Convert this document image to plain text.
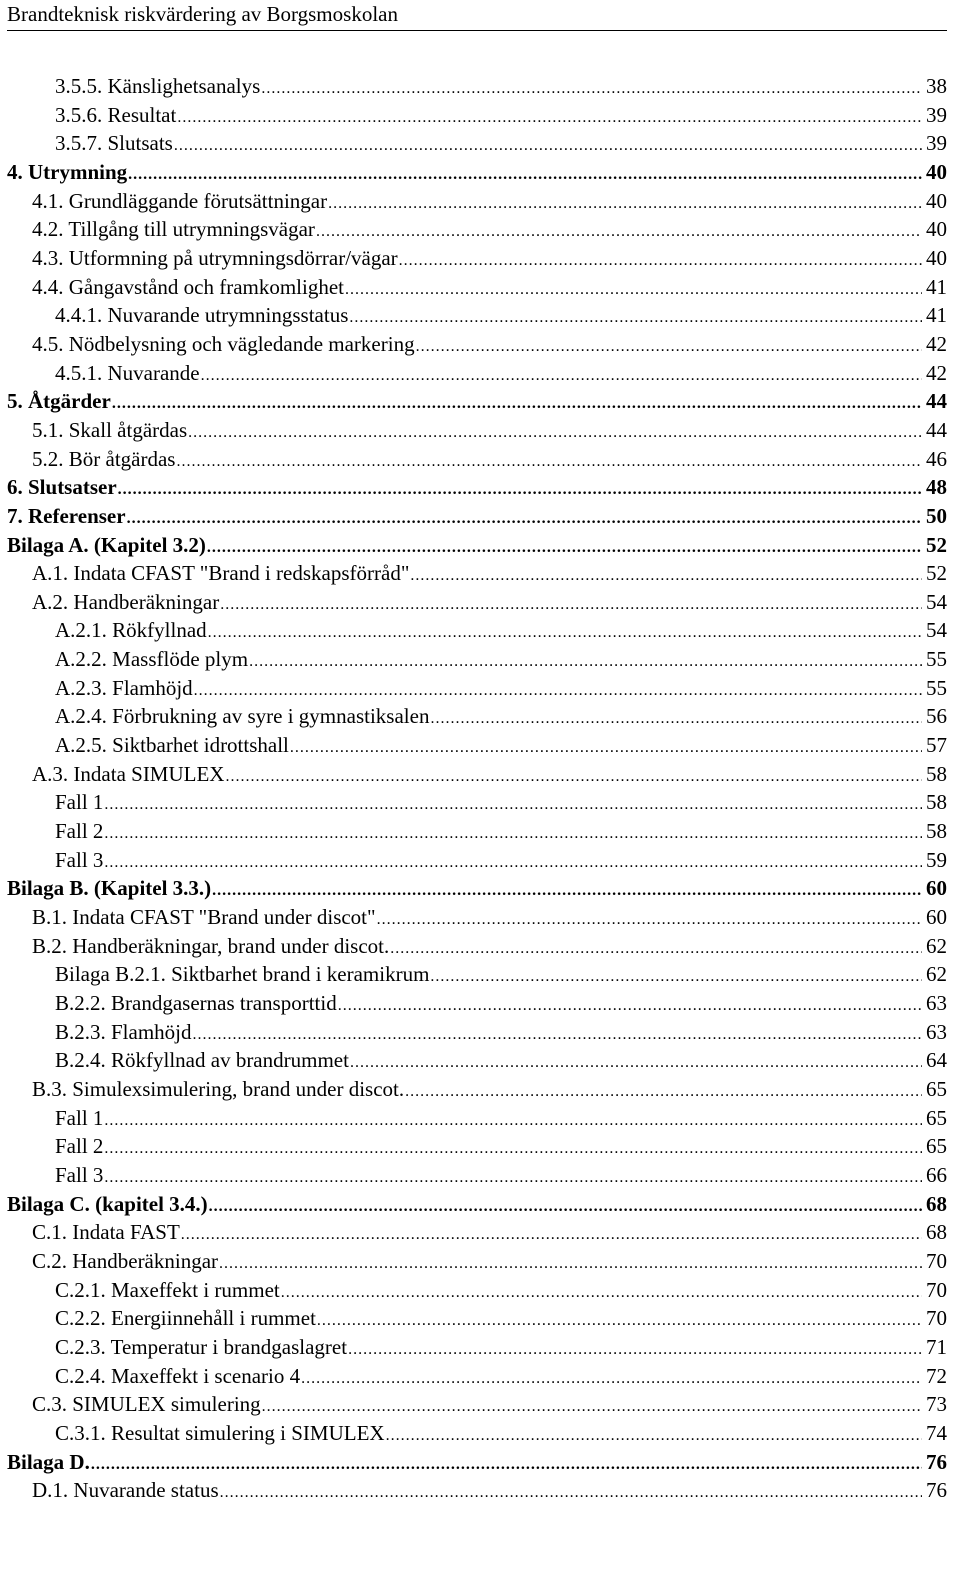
Brandteknisk riskvärdering av Borgsmoskolan
3.5.5. Känslighetsanalys .....	38
3.5.6. Resultat .....	39
3.5.7. Slutsats .....	39
4. Utrymning .....	40
4.1. Grundläggande förutsättningar .....	40
4.2. Tillgång till utrymningsvägar .....	40
4.3. Utformning på utrymningsdörrar/vägar .....	40
4.4. Gångavstånd och framkomlighet .....	41
4.4.1. Nuvarande utrymningsstatus .....	41
4.5. Nödbelysning och vägledande markering .....	42
4.5.1. Nuvarande .....	42
5. Åtgärder .....	44
5.1. Skall åtgärdas .....	44
5.2. Bör åtgärdas .....	46
6. Slutsatser .....	48
7. Referenser .....	50
Bilaga A. (Kapitel 3.2) .....	52
A.1. Indata CFAST "Brand i redskapsförråd" .....	52
A.2. Handberäkningar .....	54
A.2.1. Rökfyllnad .....	54
A.2.2. Massflöde plym .....	55
A.2.3. Flamhöjd .....	55
A.2.4. Förbrukning av syre i gymnastiksalen .....	56
A.2.5. Siktbarhet idrottshall .....	57
A.3. Indata SIMULEX .....	58
Fall 1 .....	58
Fall 2 .....	58
Fall 3 .....	59
Bilaga B. (Kapitel 3.3.) .....	60
B.1. Indata CFAST "Brand under discot" .....	60
B.2. Handberäkningar, brand under discot. .....	62
Bilaga B.2.1. Siktbarhet brand i keramikrum .....	62
B.2.2. Brandgasernas transporttid .....	63
B.2.3. Flamhöjd .....	63
B.2.4. Rökfyllnad av brandrummet .....	64
B.3. Simulexsimulering, brand under discot. .....	65
Fall 1 .....	65
Fall 2 .....	65
Fall 3 .....	66
Bilaga C. (kapitel 3.4.) .....	68
C.1. Indata FAST .....	68
C.2. Handberäkningar .....	70
C.2.1. Maxeffekt i rummet .....	70
C.2.2. Energiinnehåll i rummet .....	70
C.2.3. Temperatur i brandgaslagret .....	71
C.2.4. Maxeffekt i scenario 4 .....	72
C.3. SIMULEX simulering .....	73
C.3.1. Resultat simulering i SIMULEX .....	74
Bilaga D. .....	76
D.1. Nuvarande status .....	76
